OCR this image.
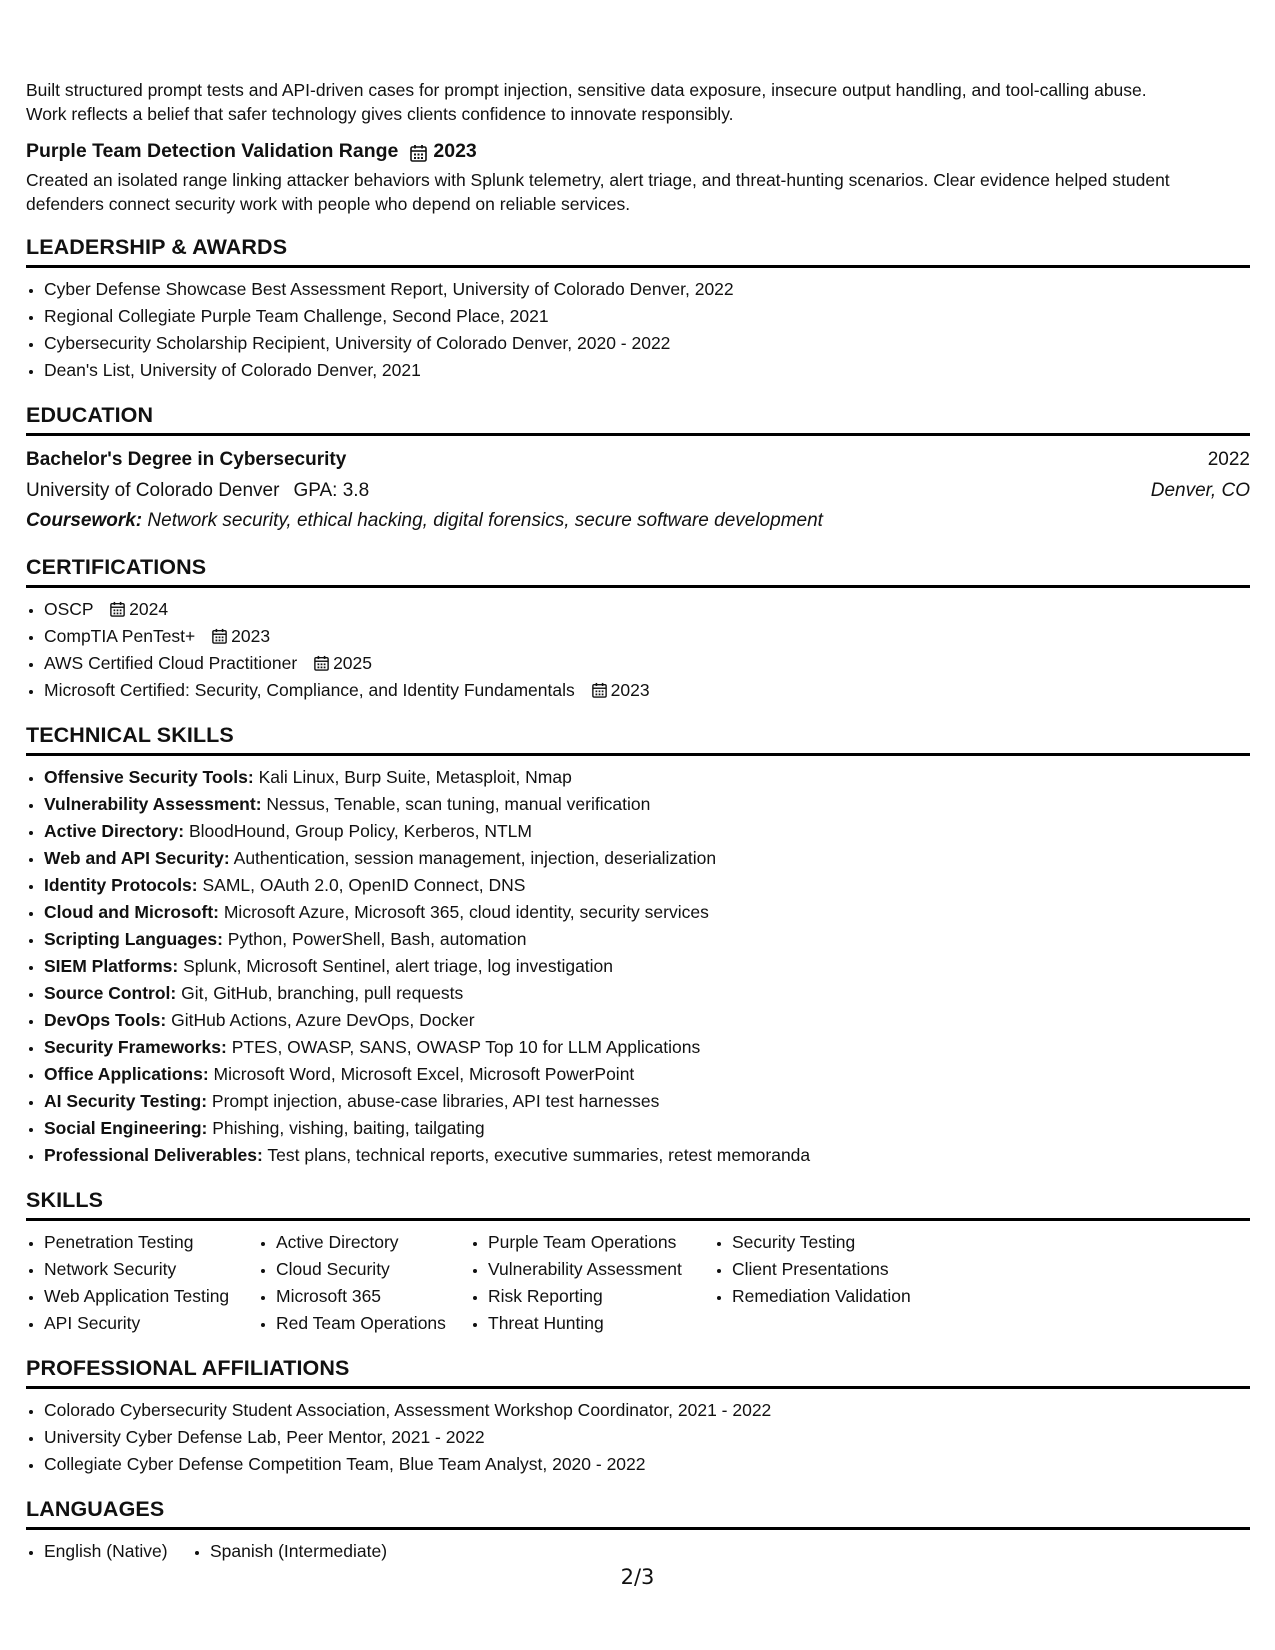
Built structured prompt tests and API-driven cases for prompt injection, sensitive data exposure, insecure output handling, and tool-calling abuse.

Work reflects a belief that safer technology gives clients confidence to innovate responsibly.

Purple Team Detection Validation Range 2023

Created an isolated range linking attacker behaviors with Splunk telemetry, alert triage, and threat-hunting scenarios. Clear evidence helped student defenders connect security work with people who depend on reliable services.

LEADERSHIP & AWARDS
• Cyber Defense Showcase Best Assessment Report, University of Colorado Denver, 2022
• Regional Collegiate Purple Team Challenge, Second Place, 2021
• Cybersecurity Scholarship Recipient, University of Colorado Denver, 2020 - 2022
• Dean's List, University of Colorado Denver, 2021
EDUCATION
Bachelor's Degree in Cybersecurity	2022
University of Colorado Denver GPA: 3.8	Denver, CO
Coursework: Network security, ethical hacking, digital forensics, secure software development
CERTIFICATIONS
• OSCP 2024
• CompTIA PenTest+ 2023
• AWS Certified Cloud Practitioner 2025
• Microsoft Certified: Security, Compliance, and Identity Fundamentals 2023
TECHNICAL SKILLS
• Offensive Security Tools: Kali Linux, Burp Suite, Metasploit, Nmap
• Vulnerability Assessment: Nessus, Tenable, scan tuning, manual verification
• Active Directory: BloodHound, Group Policy, Kerberos, NTLM
• Web and API Security: Authentication, session management, injection, deserialization
• Identity Protocols: SAML, OAuth 2.0, OpenID Connect, DNS
• Cloud and Microsoft: Microsoft Azure, Microsoft 365, cloud identity, security services
• Scripting Languages: Python, PowerShell, Bash, automation
• SIEM Platforms: Splunk, Microsoft Sentinel, alert triage, log investigation
• Source Control: Git, GitHub, branching, pull requests
• DevOps Tools: GitHub Actions, Azure DevOps, Docker
• Security Frameworks: PTES, OWASP, SANS, OWASP Top 10 for LLM Applications
• Office Applications: Microsoft Word, Microsoft Excel, Microsoft PowerPoint
• AI Security Testing: Prompt injection, abuse-case libraries, API test harnesses
• Social Engineering: Phishing, vishing, baiting, tailgating
• Professional Deliverables: Test plans, technical reports, executive summaries, retest memoranda
SKILLS
• Penetration Testing
• Network Security
• Web Application Testing
• API Security
• Active Directory
• Cloud Security
• Microsoft 365
• Red Team Operations
• Purple Team Operations
• Vulnerability Assessment
• Risk Reporting
• Threat Hunting
• Security Testing
• Client Presentations
• Remediation Validation
PROFESSIONAL AFFILIATIONS
• Colorado Cybersecurity Student Association, Assessment Workshop Coordinator, 2021 - 2022
• University Cyber Defense Lab, Peer Mentor, 2021 - 2022
• Collegiate Cyber Defense Competition Team, Blue Team Analyst, 2020 - 2022
LANGUAGES
• English (Native)
•	Spanish (Intermediate)
2/3
